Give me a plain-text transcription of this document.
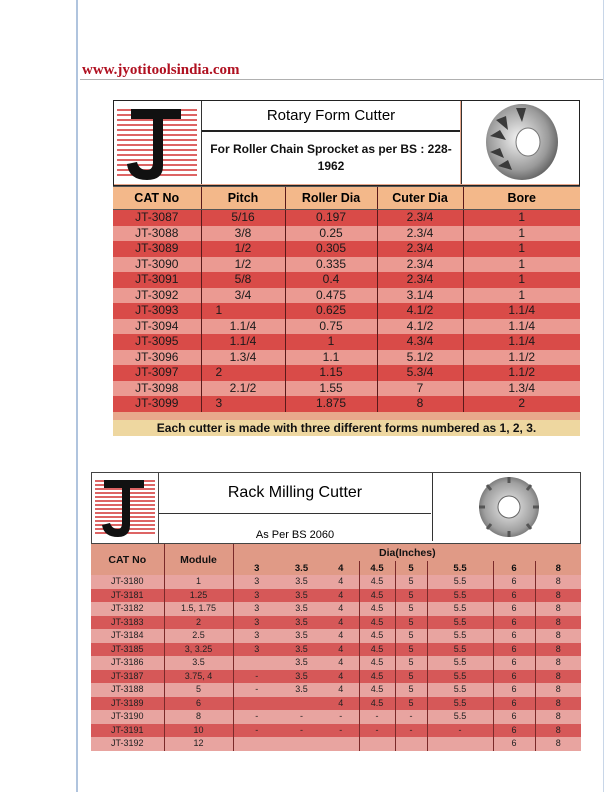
www.jyotitoolsindia.com
Rotary Form Cutter
For Roller Chain Sprocket as per BS : 228-1962
CAT No	Pitch	Roller Dia	Cuter Dia	Bore
JT-3087	5/16	0.197	2.3/4	1
JT-3088	3/8	0.25	2.3/4	1
JT-3089	1/2	0.305	2.3/4	1
JT-3090	1/2	0.335	2.3/4	1
JT-3091	5/8	0.4	2.3/4	1
JT-3092	3/4	0.475	3.1/4	1
JT-3093	1	0.625	4.1/2	1.1/4
JT-3094	1.1/4	0.75	4.1/2	1.1/4
JT-3095	1.1/4	1	4.3/4	1.1/4
JT-3096	1.3/4	1.1	5.1/2	1.1/2
JT-3097	2	1.15	5.3/4	1.1/2
JT-3098	2.1/2	1.55	7	1.3/4
JT-3099	3	1.875	8	2
Each cutter is made with three different forms numbered as 1, 2, 3.
Rack Milling Cutter
As Per BS 2060
CAT No	Module	Dia(Inches)							
		3	3.5	4	4.5	5	5.5	6	8
JT-3180	1	3	3.5	4	4.5	5	5.5	6	8
JT-3181	1.25	3	3.5	4	4.5	5	5.5	6	8
JT-3182	1.5, 1.75	3	3.5	4	4.5	5	5.5	6	8
JT-3183	2	3	3.5	4	4.5	5	5.5	6	8
JT-3184	2.5	3	3.5	4	4.5	5	5.5	6	8
JT-3185	3, 3.25	3	3.5	4	4.5	5	5.5	6	8
JT-3186	3.5		3.5	4	4.5	5	5.5	6	8
JT-3187	3.75, 4	-	3.5	4	4.5	5	5.5	6	8
JT-3188	5	-	3.5	4	4.5	5	5.5	6	8
JT-3189	6			4	4.5	5	5.5	6	8
JT-3190	8	-	-	-	-	-	5.5	6	8
JT-3191	10	-	-	-	-	-	-	6	8
JT-3192	12							6	8
